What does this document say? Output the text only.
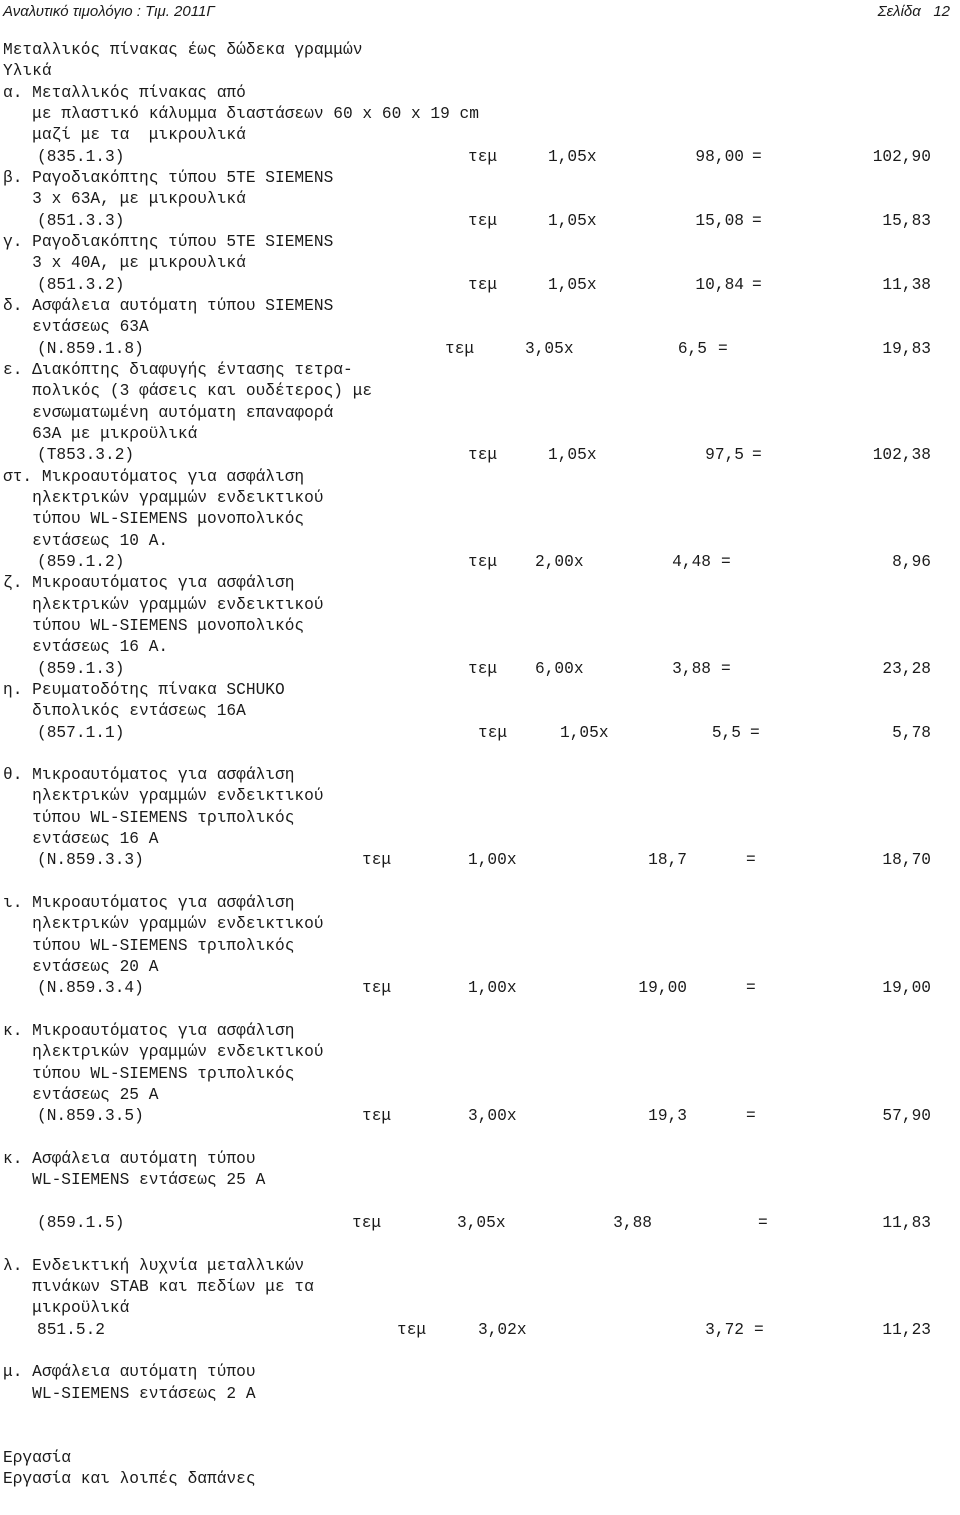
Αναλυτικό τιμολόγιο : Τιμ. 2011Γ	Σελίδα 12
Μεταλλικός πίνακας έως δώδεκα γραμμών
Υλικά
α. Μεταλλικός πίνακας από
με πλαστικό κάλυμμα διαστάσεων 60 x 60 x 19 cm
μαζί με τα  μικρουλικά
(835.1.3)	τεμ	1,05x	98,00 =	102,90
β. Ραγοδιακόπτης τύπου 5TE SIEMENS
3 x 63A, με μικρουλικά
(851.3.3)	τεμ	1,05x	15,08 =	15,83
γ. Ραγοδιακόπτης τύπου 5TE SIEMENS
3 x 40A, με μικρουλικά
(851.3.2)	τεμ	1,05x	10,84 =	11,38
δ. Ασφάλεια αυτόματη τύπου SIEMENS
εντάσεως 63Α
(Ν.859.1.8)	τεμ	3,05x	6,5 =	19,83
ε. Διακόπτης διαφυγής έντασης τετρα-
πολικός (3 φάσεις και ουδέτερος) με
ενσωματωμένη αυτόματη επαναφορά
63Α με μικροϋλικά
(Τ853.3.2)	τεμ	1,05x	97,5 =	102,38
στ. Μικροαυτόματος για ασφάλιση
ηλεκτρικών γραμμών ενδεικτικού
τύπου WL-SIEMENS μονοπολικός
εντάσεως 10 Α.
(859.1.2)	τεμ 2,00x	4,48 =	8,96
ζ. Μικροαυτόματος για ασφάλιση
ηλεκτρικών γραμμών ενδεικτικού
τύπου WL-SIEMENS μονοπολικός
εντάσεως 16 Α.
(859.1.3)	τεμ 6,00x	3,88 =	23,28
η. Ρευματοδότης πίνακα SCHUKO
διπολικός εντάσεως 16Α
(857.1.1)	τεμ	1,05x	5,5 =	5,78
θ. Μικροαυτόματος για ασφάλιση
ηλεκτρικών γραμμών ενδεικτικού
τύπου WL-SIEMENS τριπολικός
εντάσεως 16 Α
(Ν.859.3.3)	τεμ	1,00x	18,7	=	18,70
ι. Μικροαυτόματος για ασφάλιση
ηλεκτρικών γραμμών ενδεικτικού
τύπου WL-SIEMENS τριπολικός
εντάσεως 20 Α
(Ν.859.3.4)	τεμ	1,00x	19,00	=	19,00
κ. Μικροαυτόματος για ασφάλιση
ηλεκτρικών γραμμών ενδεικτικού
τύπου WL-SIEMENS τριπολικός
εντάσεως 25 Α
(Ν.859.3.5)	τεμ	3,00x	19,3	=	57,90
κ. Ασφάλεια αυτόματη τύπου
WL-SIEMENS εντάσεως 25 Α
(859.1.5)	τεμ	3,05x	3,88	=	11,83
λ. Ενδεικτική λυχνία μεταλλικών
πινάκων STAB και πεδίων με τα
μικροϋλικά
851.5.2	τεμ	3,02x	3,72 =	11,23
μ. Ασφάλεια αυτόματη τύπου
WL-SIEMENS εντάσεως 2 Α
Εργασία
Εργασία και λοιπές δαπάνες
